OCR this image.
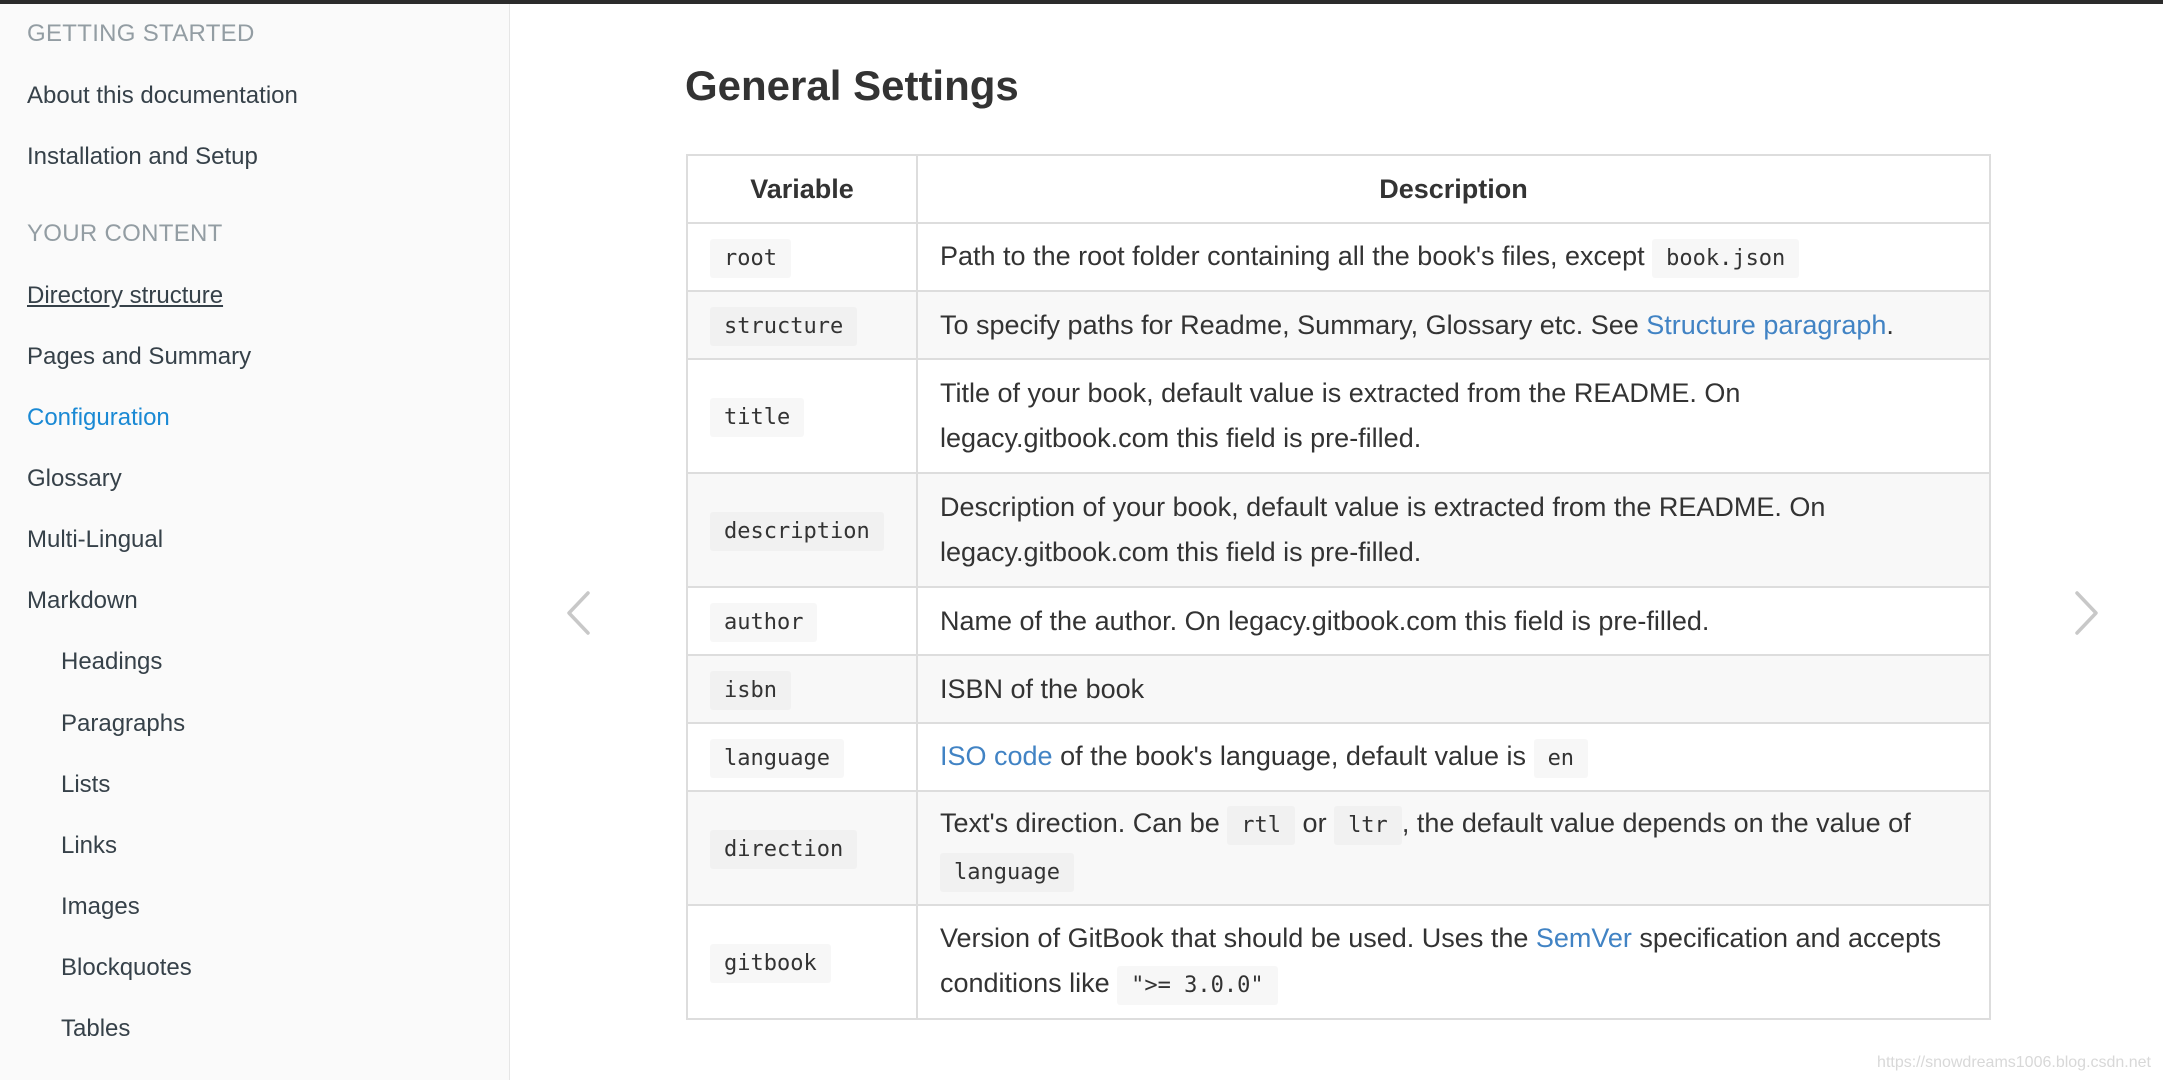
GETTING STARTED
About this documentation
Installation and Setup
YOUR CONTENT
Directory structure
Pages and Summary
Configuration
Glossary
Multi-Lingual
Markdown
Headings
Paragraphs
Lists
Links
Images
Blockquotes
Tables
General Settings
Variable	Description
root	Path to the root folder containing all the book's files, except book.json
structure	To specify paths for Readme, Summary, Glossary etc. See Structure paragraph.
title	Title of your book, default value is extracted from the README. On legacy.gitbook.com this field is pre-filled.
description	Description of your book, default value is extracted from the README. On legacy.gitbook.com this field is pre-filled.
author	Name of the author. On legacy.gitbook.com this field is pre-filled.
isbn	ISBN of the book
language	ISO code of the book's language, default value is en
direction	Text's direction. Can be rtl or ltr , the default value depends on the value of language
gitbook	Version of GitBook that should be used. Uses the SemVer specification and accepts conditions like ">= 3.0.0"
https://snowdreams1006.blog.csdn.net
